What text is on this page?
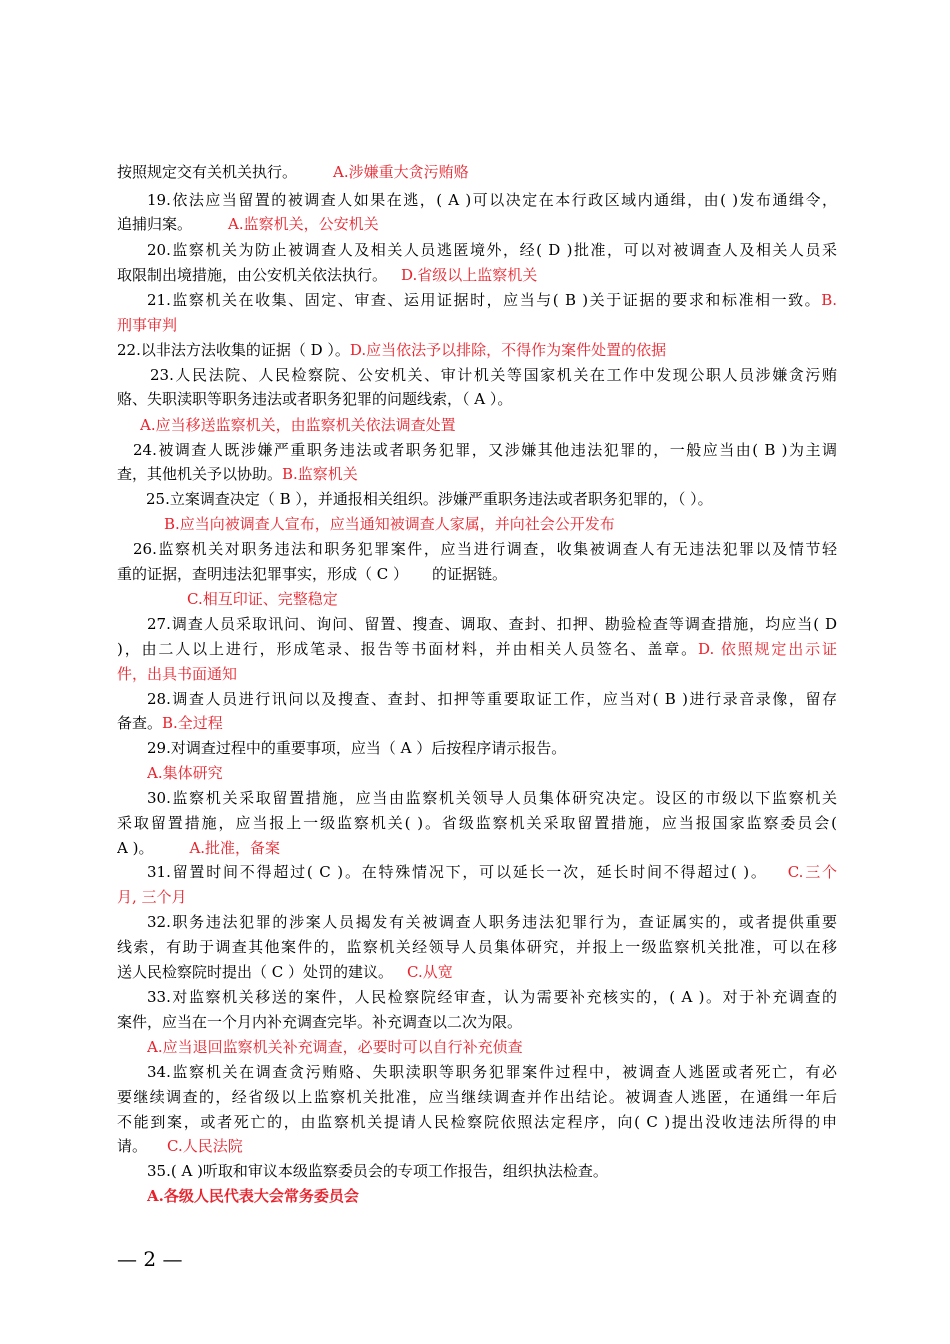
按照规定交有关机关执行。 A.涉嫌重大贪污贿赂
19.依法应当留置的被调查人如果在逃，( A )可以决定在本行政区域内通缉，由( )发布通缉令，
追捕归案。 A.监察机关，公安机关
20.监察机关为防止被调查人及相关人员逃匿境外，经( D )批准，可以对被调查人及相关人员采
取限制出境措施，由公安机关依法执行。 D.省级以上监察机关
21.监察机关在收集、固定、审查、运用证据时，应当与( B )关于证据的要求和标准相一致。B.
刑事审判
22.以非法方法收集的证据（ D ）。D.应当依法予以排除，不得作为案件处置的依据
23.人民法院、人民检察院、公安机关、审计机关等国家机关在工作中发现公职人员涉嫌贪污贿
赂、失职渎职等职务违法或者职务犯罪的问题线索，（ A ）。
A.应当移送监察机关，由监察机关依法调查处置
24.被调查人既涉嫌严重职务违法或者职务犯罪，又涉嫌其他违法犯罪的，一般应当由( B )为主调
查，其他机关予以协助。B.监察机关
25.立案调查决定（ B ），并通报相关组织。涉嫌严重职务违法或者职务犯罪的，（ ）。
B.应当向被调查人宣布，应当通知被调查人家属，并向社会公开发布
26.监察机关对职务违法和职务犯罪案件，应当进行调查，收集被调查人有无违法犯罪以及情节轻
重的证据，查明违法犯罪事实，形成（ C ） 的证据链。
C.相互印证、完整稳定
27.调查人员采取讯问、询问、留置、搜查、调取、查封、扣押、勘验检查等调查措施，均应当( D
)，由二人以上进行，形成笔录、报告等书面材料，并由相关人员签名、盖章。D. 依照规定出示证
件，出具书面通知
28.调查人员进行讯问以及搜查、查封、扣押等重要取证工作，应当对( B )进行录音录像，留存
备查。B.全过程
29.对调查过程中的重要事项，应当（ A ）后按程序请示报告。
A.集体研究
30.监察机关采取留置措施，应当由监察机关领导人员集体研究决定。设区的市级以下监察机关
采取留置措施，应当报上一级监察机关( )。省级监察机关采取留置措施，应当报国家监察委员会(
A )。 A.批准，备案
31.留置时间不得超过( C )。在特殊情况下，可以延长一次，延长时间不得超过( )。 C.三个
月, 三个月
32.职务违法犯罪的涉案人员揭发有关被调查人职务违法犯罪行为，查证属实的，或者提供重要
线索，有助于调查其他案件的，监察机关经领导人员集体研究，并报上一级监察机关批准，可以在移
送人民检察院时提出（ C ）处罚的建议。 C.从宽
33.对监察机关移送的案件，人民检察院经审查，认为需要补充核实的，( A )。对于补充调查的
案件，应当在一个月内补充调查完毕。补充调查以二次为限。
A.应当退回监察机关补充调查，必要时可以自行补充侦查
34.监察机关在调查贪污贿赂、失职渎职等职务犯罪案件过程中，被调查人逃匿或者死亡，有必
要继续调查的，经省级以上监察机关批准，应当继续调查并作出结论。被调查人逃匿，在通缉一年后
不能到案，或者死亡的，由监察机关提请人民检察院依照法定程序，向( C )提出没收违法所得的申
请。 C.人民法院
35.( A )听取和审议本级监察委员会的专项工作报告，组织执法检查。
A.各级人民代表大会常务委员会
— 2 —
